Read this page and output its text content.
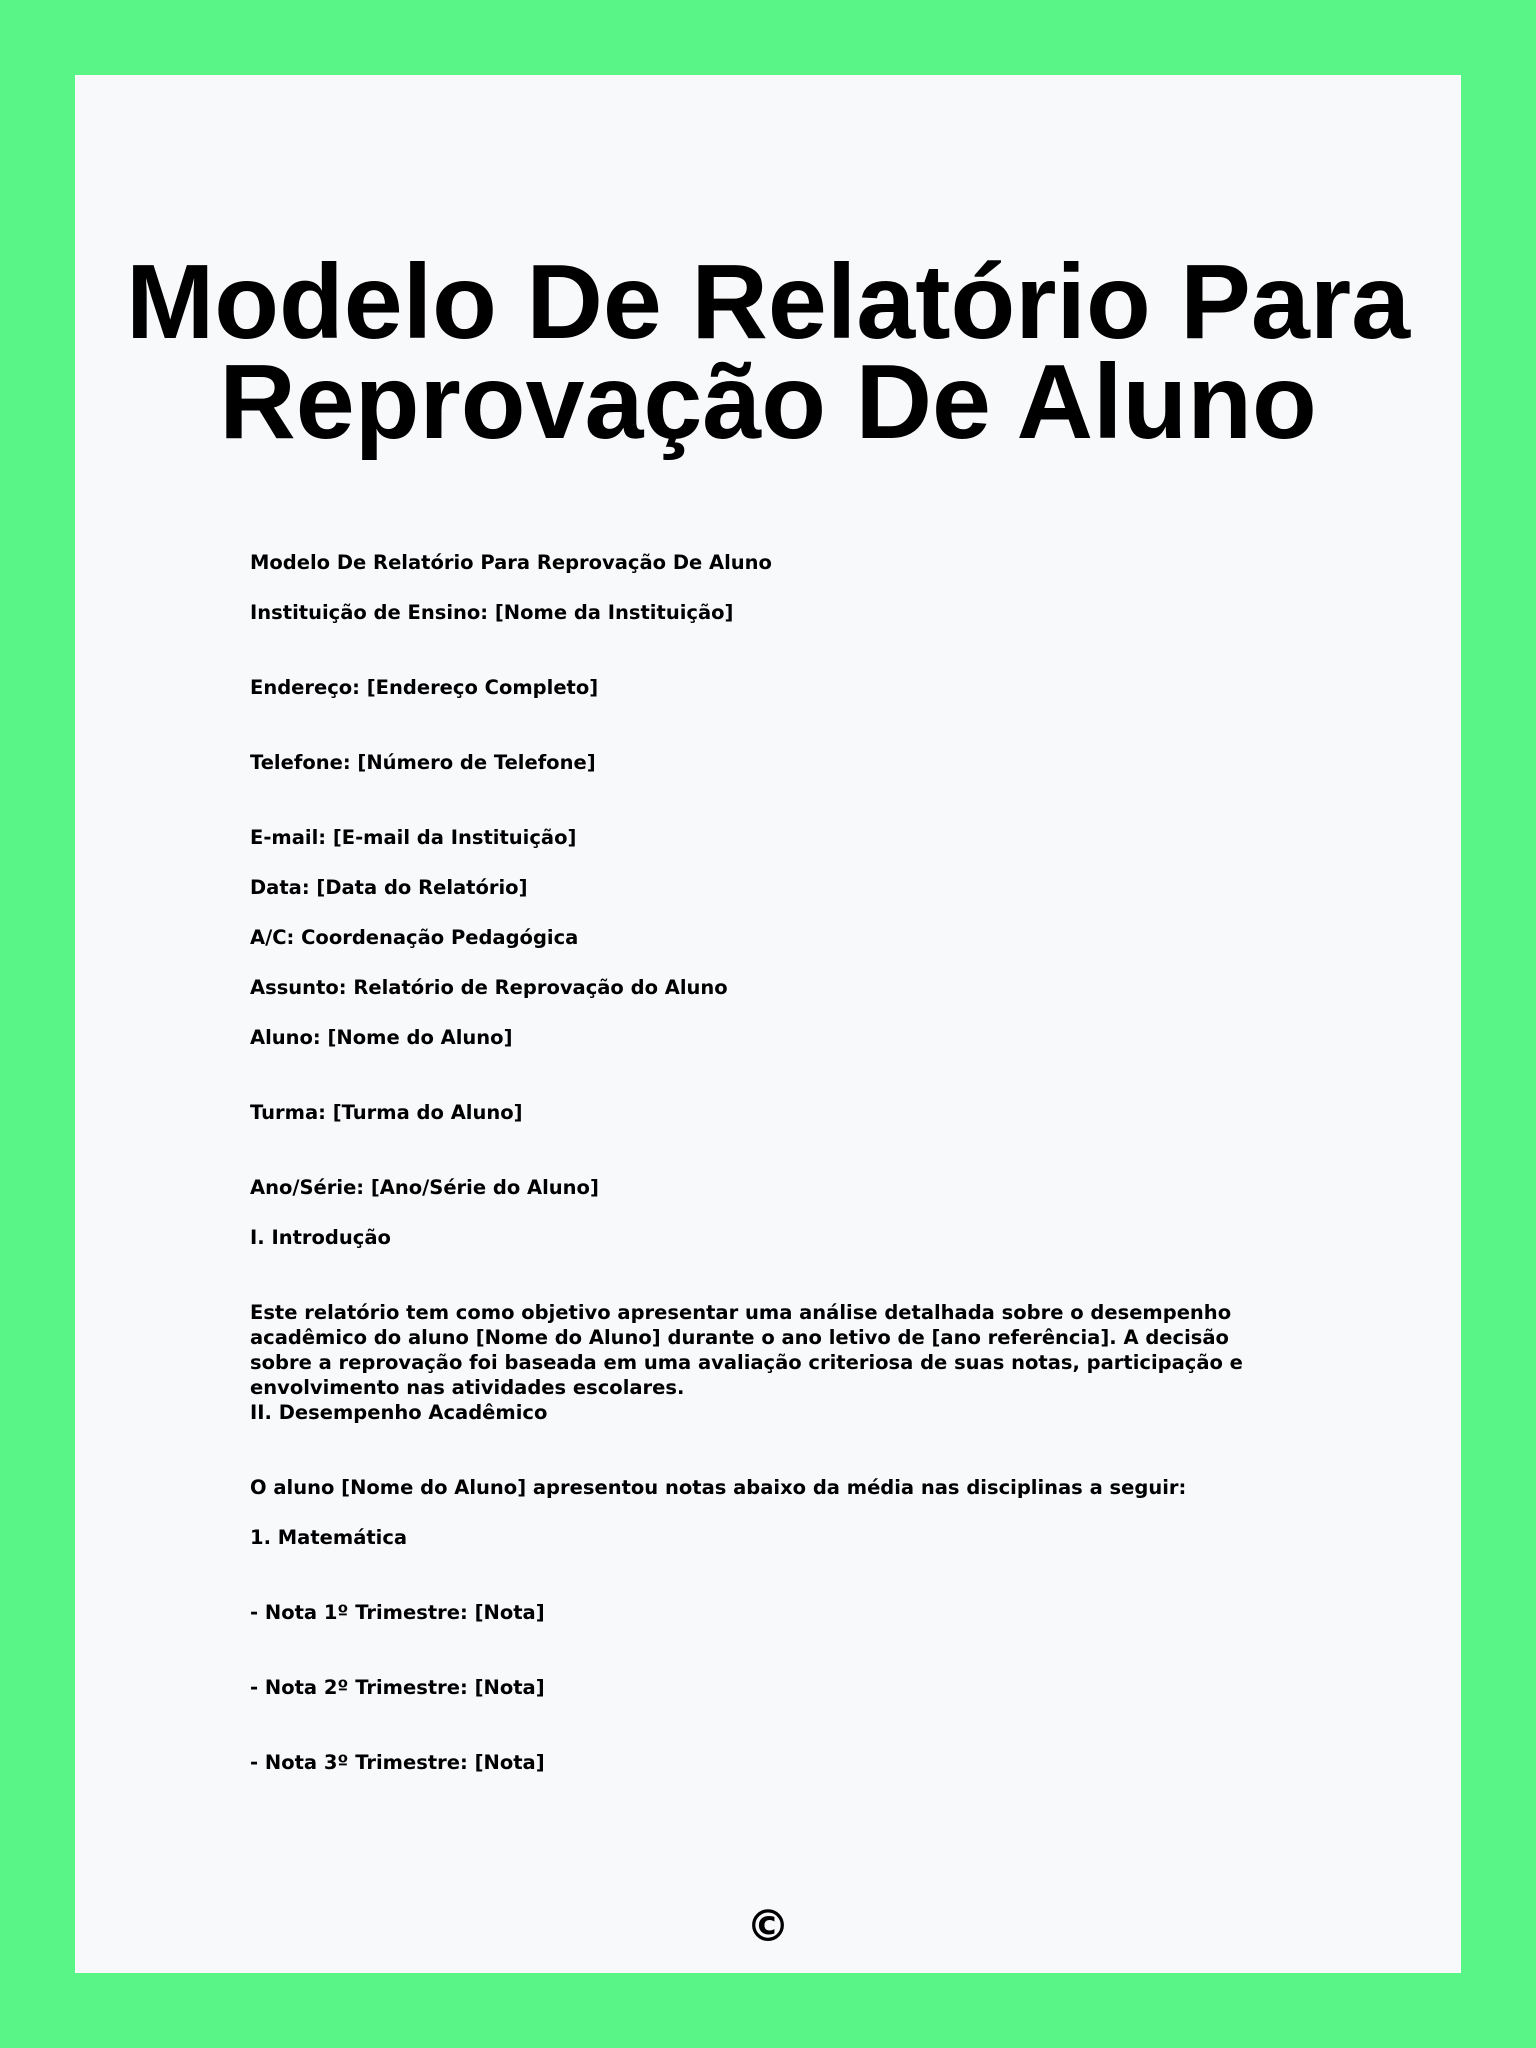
Modelo De Relatório Para
Reprovação De Aluno

Modelo De Relatório Para Reprovação De Aluno

Instituição de Ensino: [Nome da Instituição]

Endereço: [Endereço Completo]

Telefone: [Número de Telefone]

E-mail: [E-mail da Instituição]

Data: [Data do Relatório]

A/C: Coordenação Pedagógica

Assunto: Relatório de Reprovação do Aluno

Aluno: [Nome do Aluno]

Turma: [Turma do Aluno]

Ano/Série: [Ano/Série do Aluno]

I. Introdução

Este relatório tem como objetivo apresentar uma análise detalhada sobre o desempenho acadêmico do aluno [Nome do Aluno] durante o ano letivo de [ano referência]. A decisão sobre a reprovação foi baseada em uma avaliação criteriosa de suas notas, participação e envolvimento nas atividades escolares.

II. Desempenho Acadêmico

O aluno [Nome do Aluno] apresentou notas abaixo da média nas disciplinas a seguir:

1. Matemática

- Nota 1º Trimestre: [Nota]

- Nota 2º Trimestre: [Nota]

- Nota 3º Trimestre: [Nota]

©
